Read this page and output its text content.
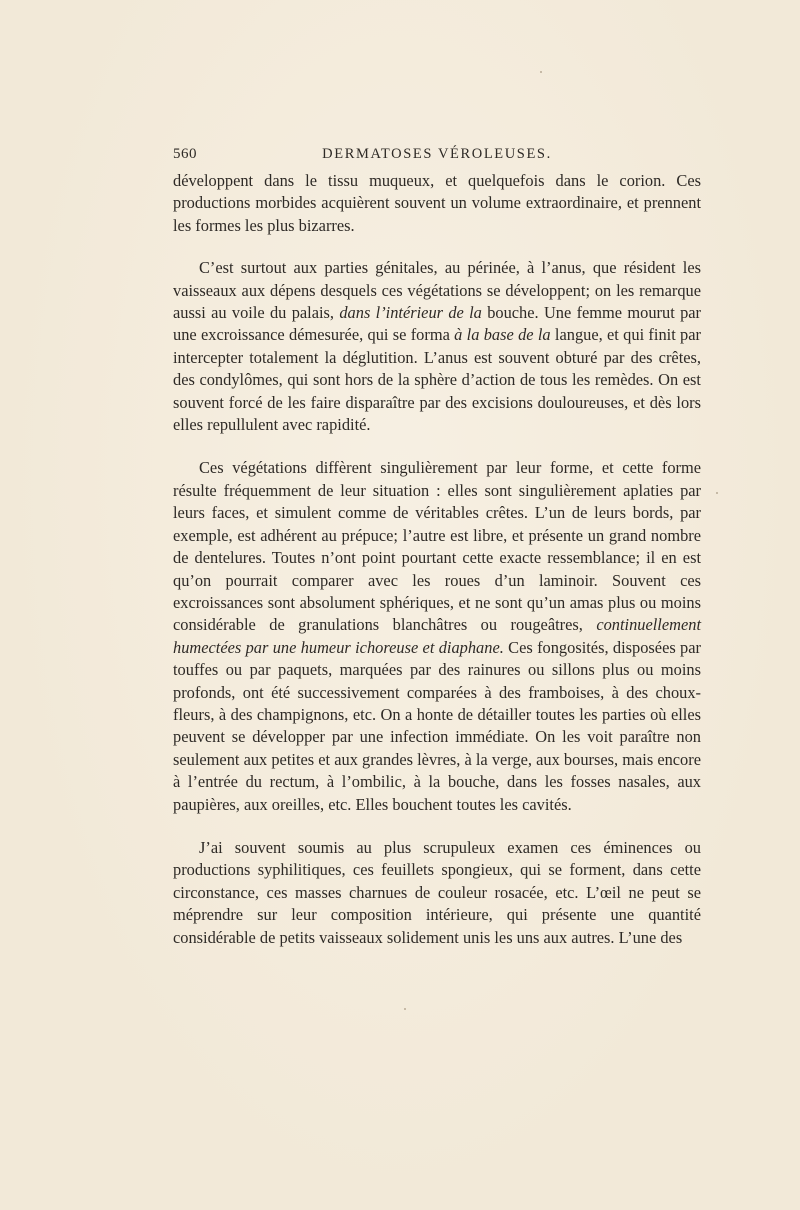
560	DERMATOSES VÉROLEUSES.

développent dans le tissu muqueux, et quelquefois dans le corion. Ces productions morbides acquièrent souvent un volume extraordinaire, et prennent les formes les plus bizarres.

C’est surtout aux parties génitales, au périnée, à l’anus, que résident les vaisseaux aux dépens desquels ces végétations se développent; on les remarque aussi au voile du palais, dans l’intérieur de la bouche. Une femme mourut par une excroissance démesurée, qui se forma à la base de la langue, et qui finit par intercepter totalement la déglutition. L’anus est souvent obturé par des crêtes, des condylômes, qui sont hors de la sphère d’action de tous les remèdes. On est souvent forcé de les faire disparaître par des excisions douloureuses, et dès lors elles repullulent avec rapidité.

Ces végétations diffèrent singulièrement par leur forme, et cette forme résulte fréquemment de leur situation : elles sont singulièrement aplaties par leurs faces, et simulent comme de véritables crêtes. L’un de leurs bords, par exemple, est adhérent au prépuce; l’autre est libre, et présente un grand nombre de dentelures. Toutes n’ont point pourtant cette exacte ressemblance; il en est qu’on pourrait comparer avec les roues d’un laminoir. Souvent ces excroissances sont absolument sphériques, et ne sont qu’un amas plus ou moins considérable de granulations blanchâtres ou rougeâtres, continuellement humectées par une humeur ichoreuse et diaphane. Ces fongosités, disposées par touffes ou par paquets, marquées par des rainures ou sillons plus ou moins profonds, ont été successivement comparées à des framboises, à des choux-fleurs, à des champignons, etc. On a honte de détailler toutes les parties où elles peuvent se développer par une infection immédiate. On les voit paraître non seulement aux petites et aux grandes lèvres, à la verge, aux bourses, mais encore à l’entrée du rectum, à l’ombilic, à la bouche, dans les fosses nasales, aux paupières, aux oreilles, etc. Elles bouchent toutes les cavités.

J’ai souvent soumis au plus scrupuleux examen ces éminences ou productions syphilitiques, ces feuillets spongieux, qui se forment, dans cette circonstance, ces masses charnues de couleur rosacée, etc. L’œil ne peut se méprendre sur leur composition intérieure, qui présente une quantité considérable de petits vaisseaux solidement unis les uns aux autres. L’une des
